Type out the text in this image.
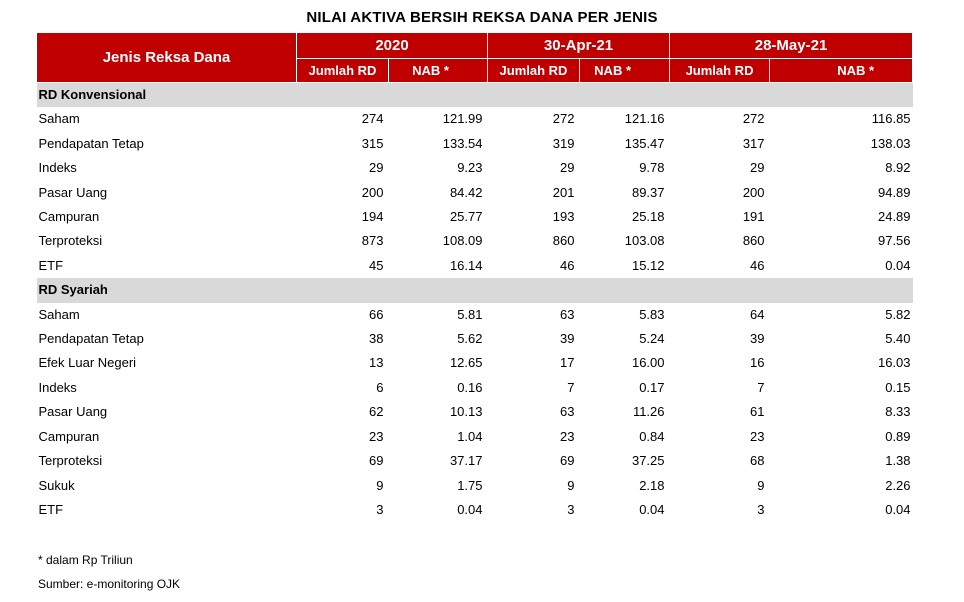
NILAI AKTIVA BERSIH REKSA DANA PER JENIS
Jenis Reksa Dana	2020		30-Apr-21		28-May-21	
	Jumlah RD	NAB *	Jumlah RD	NAB *	Jumlah RD	NAB *
RD Konvensional						
Saham	274	121.99	272	121.16	272	116.85
Pendapatan Tetap	315	133.54	319	135.47	317	138.03
Indeks	29	9.23	29	9.78	29	8.92
Pasar Uang	200	84.42	201	89.37	200	94.89
Campuran	194	25.77	193	25.18	191	24.89
Terproteksi	873	108.09	860	103.08	860	97.56
ETF	45	16.14	46	15.12	46	0.04
RD Syariah						
Saham	66	5.81	63	5.83	64	5.82
Pendapatan Tetap	38	5.62	39	5.24	39	5.40
Efek Luar Negeri	13	12.65	17	16.00	16	16.03
Indeks	6	0.16	7	0.17	7	0.15
Pasar Uang	62	10.13	63	11.26	61	8.33
Campuran	23	1.04	23	0.84	23	0.89
Terproteksi	69	37.17	69	37.25	68	1.38
Sukuk	9	1.75	9	2.18	9	2.26
ETF	3	0.04	3	0.04	3	0.04
* dalam Rp Triliun
Sumber: e-monitoring OJK
